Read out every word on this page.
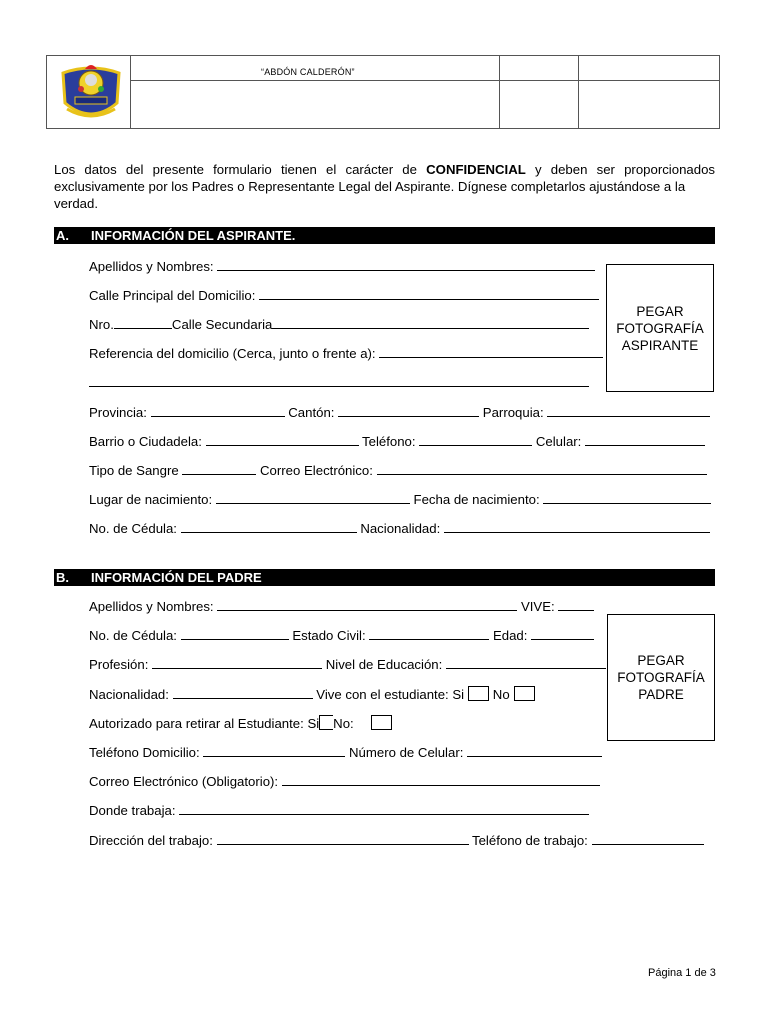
“ABDÓN CALDERÓN”
Los datos del presente formulario tienen el carácter de CONFIDENCIAL y deben ser proporcionados
exclusivamente por los Padres o Representante Legal del Aspirante. Dígnese completarlos ajustándose a la verdad.
A. INFORMACIÓN DEL ASPIRANTE.
PEGAR
FOTOGRAFÍA
ASPIRANTE
Apellidos y Nombres:
Calle Principal del Domicilio:
Nro.	Calle Secundaria
Referencia del domicilio (Cerca, junto o frente a):
Provincia:	Cantón:	Parroquia:
Barrio o Ciudadela:	Teléfono:	Celular:
Tipo de Sangre	Correo Electrónico:
Lugar de nacimiento:	Fecha de nacimiento:
No. de Cédula:	Nacionalidad:
B. INFORMACIÓN DEL PADRE
PEGAR
FOTOGRAFÍA
PADRE
Apellidos y Nombres:	VIVE:
No. de Cédula:	Estado Civil:	Edad:
Profesión:	Nivel de Educación:
Nacionalidad:	Vive con el estudiante: Si No
Autorizado para retirar al Estudiante: Si No:
Teléfono Domicilio:	Número de Celular:
Correo Electrónico (Obligatorio):
Donde trabaja:
Dirección del trabajo:	Teléfono de trabajo:
Página 1 de 3
